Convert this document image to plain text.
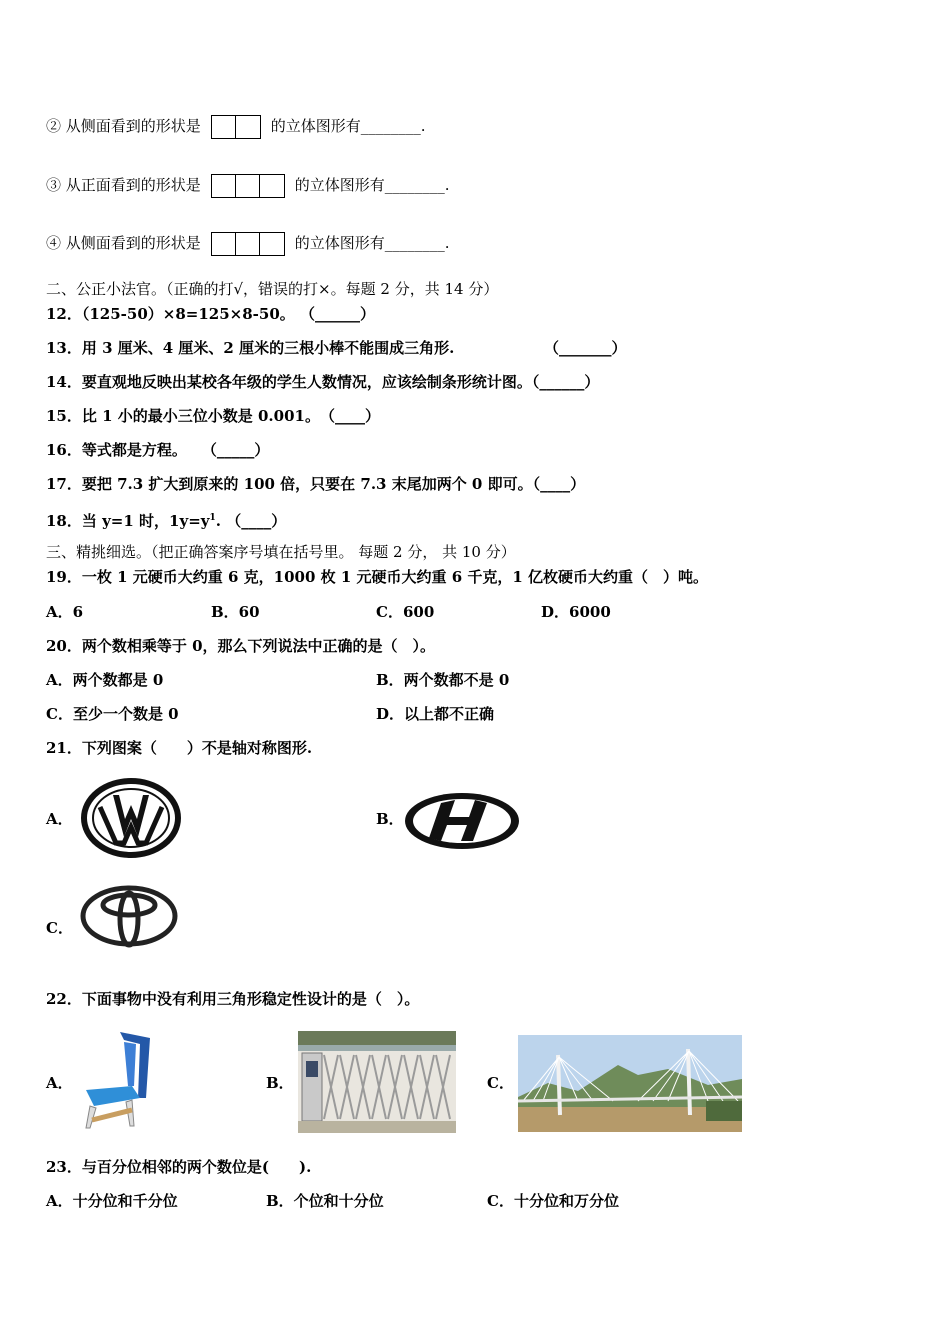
② 从侧面看到的形状是	的立体图形有________.
③ 从正面看到的形状是	的立体图形有________.
④ 从侧面看到的形状是	的立体图形有________.
二、公正小法官。（正确的打√，错误的打×。每题 2 分，共 14 分）
12．（125-50）×8=125×8-50。 （______）
13．用 3 厘米、4 厘米、2 厘米的三根小棒不能围成三角形.	（_______）
14．要直观地反映出某校各年级的学生人数情况，应该绘制条形统计图。（______）
15．比 1 小的最小三位小数是 0.001。　（____）
16．等式都是方程。　　（_____）
17．要把 7.3 扩大到原来的 100 倍，只要在 7.3 末尾加两个 0 即可。（____）
18．当 y=1 时，$1y=y^1$. （____）
三、精挑细选。（把正确答案序号填在括号里。 每题 2 分， 共 10 分）
19．一枚 1 元硬币大约重 6 克，1000 枚 1 元硬币大约重 6 千克，1 亿枚硬币大约重（　）吨。
A．6	B．60	C．600	D．6000
20．两个数相乘等于 0，那么下列说法中正确的是（　）。
A．两个数都是 0	B．两个数都不是 0
C．至少一个数是 0	D．以上都不正确
21．下列图案（　　）不是轴对称图形.
A．	B．
C．
22．下面事物中没有利用三角形稳定性设计的是（　）。
A．	B．	C．
23．与百分位相邻的两个数位是(　　).
A．十分位和千分位	B．个位和十分位	C．十分位和万分位
